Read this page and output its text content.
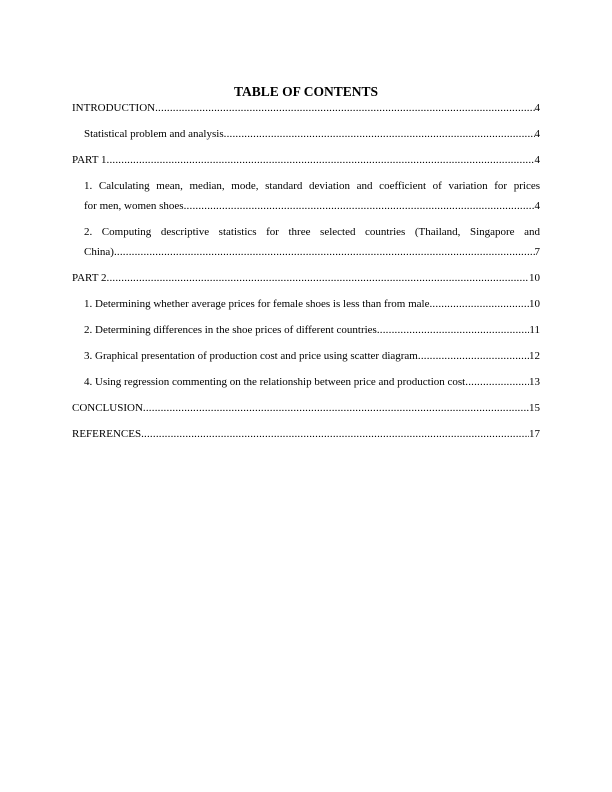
TABLE OF CONTENTS
INTRODUCTION .....	4
Statistical problem and analysis .....	4
PART 1 .....	4
1. Calculating mean, median, mode, standard deviation and coefficient of variation for prices
for men, women shoes .....	4
2. Computing descriptive statistics for three selected countries (Thailand, Singapore and
China) .....	7
PART 2 .....	10
1. Determining whether average prices for female shoes is less than from male .....	10
2. Determining differences in the shoe prices of different countries .....	11
3. Graphical presentation of production cost and price using scatter diagram .....	12
4. Using regression commenting on the relationship between price and production cost .....	13
CONCLUSION .....	15
REFERENCES .....	17
